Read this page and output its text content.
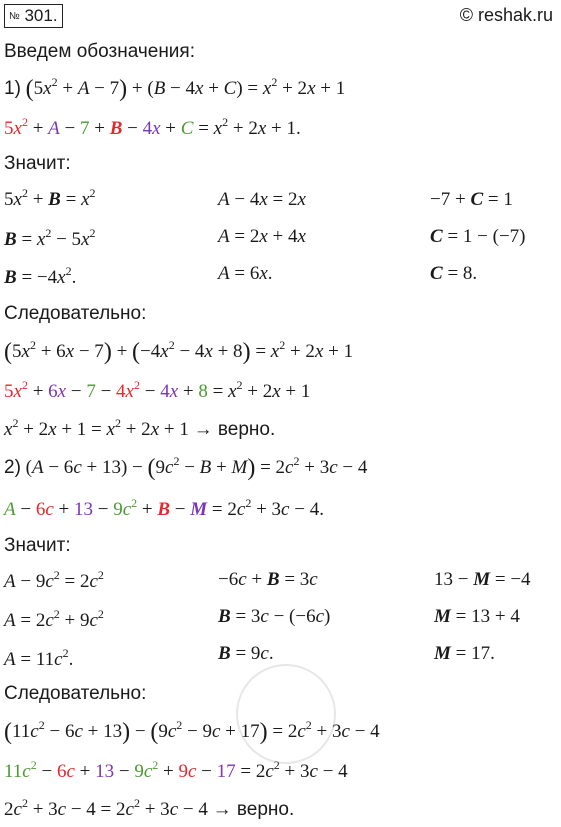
№ 301.	© reshak.ru
Введем обозначения:
1) $(5x^2 + A - 7) + (B - 4x + C) = x^2 + 2x + 1$
$5x^2 + A - 7 + B - 4x + C = x^2 + 2x + 1$.
Значит:
$5x^2 + B = x^2$
$B = x^2 - 5x^2$
$B = -4x^2$.
A − 4x = 2x
A = 2x + 4x
A = 6x.
−7 + C = 1
C = 1 − (−7)
C = 8.
Следовательно:
$(5x^2 + 6x - 7) + (-4x^2 - 4x + 8) = x^2 + 2x + 1$
$5x^2 + 6x - 7 - 4x^2 - 4x + 8 = x^2 + 2x + 1$
$x^2 + 2x + 1 = x^2 + 2x + 1$ → верно.
2) $(A - 6c + 13) - (9c^2 - B + M) = 2c^2 + 3c - 4$
$A - 6c + 13 - 9c^2 + B - M = 2c^2 + 3c - 4$.
Значит:
$A - 9c^2 = 2c^2$
$A = 2c^2 + 9c^2$
$A = 11c^2$.
−6c + B = 3c
B = 3c − (−6c)
B = 9c.
13 − M = −4
M = 13 + 4
M = 17.
Следовательно:
$(11c^2 - 6c + 13) - (9c^2 - 9c + 17) = 2c^2 + 3c - 4$
$11c^2 - 6c + 13 - 9c^2 + 9c - 17 = 2c^2 + 3c - 4$
$2c^2 + 3c - 4 = 2c^2 + 3c - 4$ → верно.
